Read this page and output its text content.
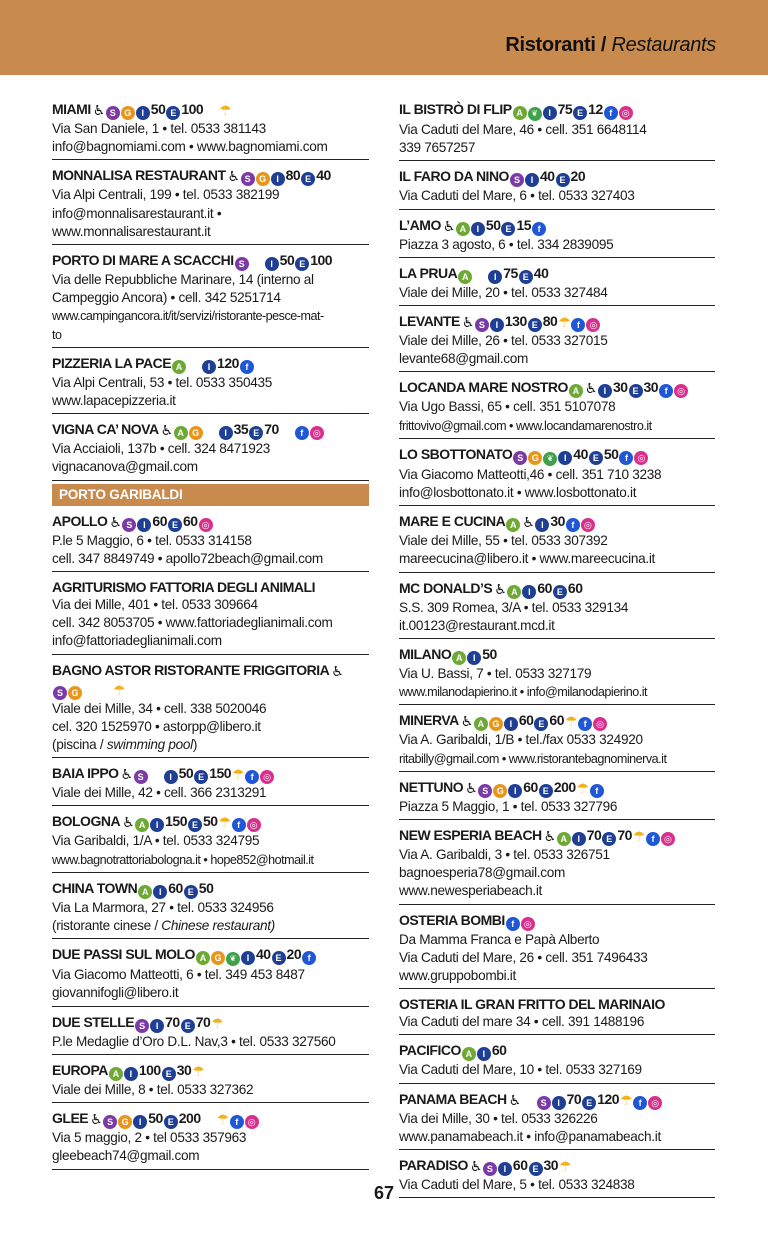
Ristoranti / Restaurants
MIAMI ♿ S G I 50 E 100 ☺ ☂
Via San Daniele, 1 • tel. 0533 381143
info@bagnomiami.com • www.bagnomiami.com
MONNALISA RESTAURANT ♿ S G I 80 E 40
Via Alpi Centrali, 199 • tel. 0533 382199
info@monnalisarestaurant.it •
www.monnalisarestaurant.it
PORTO DI MARE A SCACCHI S ✱ I 50 E 100
Via delle Repubbliche Marinare, 14 (interno al
Campeggio Ancora) • cell. 342 5251714
www.campingancora.it/it/servizi/ristorante-pesce-mat-
to
PIZZERIA LA PACE A ✱ I 120 f
Via Alpi Centrali, 53 • tel. 0533 350435
www.lapacepizzeria.it
VIGNA CA’ NOVA ♿ A G ◒ I 35 E 70 ☺ f ◎
Via Acciaioli, 137b • cell. 324 8471923
vignacanova@gmail.com
PORTO GARIBALDI
APOLLO ♿ S I 60 E 60 ◎
P.le 5 Maggio, 6 • tel. 0533 314158
cell. 347 8849749 • apollo72beach@gmail.com
AGRITURISMO FATTORIA DEGLI ANIMALI
Via dei Mille, 401 • tel. 0533 309664
cell. 342 8053705 • www.fattoriadeglianimali.com
info@fattoriadeglianimali.com
BAGNO ASTOR RISTORANTE FRIGGITORIA ♿
S G ✱ ☺ ☂
Viale dei Mille, 34 • cell. 338 5020046
cel. 320 1525970 • astorpp@libero.it
(piscina / swimming pool)
BAIA IPPO ♿ S ✱ I 50 E 150☂ f ◎
Viale dei Mille, 42 • cell. 366 2313291
BOLOGNA ♿ A I 150 E 50☂ f ◎
Via Garibaldi, 1/A • tel. 0533 324795
www.bagnotrattoriabologna.it • hope852@hotmail.it
CHINA TOWN A I 60 E 50
Via La Marmora, 27 • tel. 0533 324956
(ristorante cinese / Chinese restaurant)
DUE PASSI SUL MOLO A G ❦ I 40 E 20 f
Via Giacomo Matteotti, 6 • tel. 349 453 8487
giovannifogli@libero.it
DUE STELLE S I 70 E 70☂
P.le Medaglie d’Oro D.L. Nav,3 • tel. 0533 327560
EUROPA A I 100 E 30☂
Viale dei Mille, 8 • tel. 0533 327362
GLEE ♿ S G I 50 E 200 ☺ ☂ f ◎
Via 5 maggio, 2 • tel 0533 357963
gleebeach74@gmail.com
IL BISTRÒ DI FLIP A ❦ I 75 E 12 f ◎
Via Caduti del Mare, 46 • cell. 351 6648114
339 7657257
IL FARO DA NINO S I 40 E 20
Via Caduti del Mare, 6 • tel. 0533 327403
L’AMO ♿ A I 50 E 15 f
Piazza 3 agosto, 6 • tel. 334 2839095
LA PRUA A ✱ I 75 E 40
Viale dei Mille, 20 • tel. 0533 327484
LEVANTE ♿ S I 130 E 80☂ f ◎
Viale dei Mille, 26 • tel. 0533 327015
levante68@gmail.com
LOCANDA MARE NOSTRO A ♿ I 30 E 30 f ◎
Via Ugo Bassi, 65 • cell. 351 5107078
frittovivo@gmail.com • www.locandamarenostro.it
LO SBOTTONATO S G ❦ I 40 E 50 f ◎
Via Giacomo Matteotti,46 • cell. 351 710 3238
info@losbottonato.it • www.losbottonato.it
MARE E CUCINA A ♿ I 30 f ◎
Viale dei Mille, 55 • tel. 0533 307392
mareecucina@libero.it • www.mareecucina.it
MC DONALD’S ♿ A I 60 E 60
S.S. 309 Romea, 3/A • tel. 0533 329134
it.00123@restaurant.mcd.it
MILANO A I 50
Via U. Bassi, 7 • tel. 0533 327179
www.milanodapierino.it • info@milanodapierino.it
MINERVA ♿ A G I 60 E 60☂ f ◎
Via A. Garibaldi, 1/B • tel./fax 0533 324920
ritabilly@gmail.com • www.ristorantebagnominerva.it
NETTUNO ♿ S G I 60 E 200☂ f
Piazza 5 Maggio, 1 • tel. 0533 327796
NEW ESPERIA BEACH ♿ A I 70 E 70☂ f ◎
Via A. Garibaldi, 3 • tel. 0533 326751
bagnoesperia78@gmail.com
www.newesperiabeach.it
OSTERIA BOMBI f ◎
Da Mamma Franca e Papà Alberto
Via Caduti del Mare, 26 • cell. 351 7496433
www.gruppobombi.it
OSTERIA IL GRAN FRITTO DEL MARINAIO
Via Caduti del mare 34 • cell. 391 1488196
PACIFICO A I 60
Via Caduti del Mare, 10 • tel. 0533 327169
PANAMA BEACH ♿ ☺ S I 70 E 120☂ f ◎
Via dei Mille, 30 • tel. 0533 326226
www.panamabeach.it • info@panamabeach.it
PARADISO ♿ S I 60 E 30☂
Via Caduti del Mare, 5 • tel. 0533 324838
67
